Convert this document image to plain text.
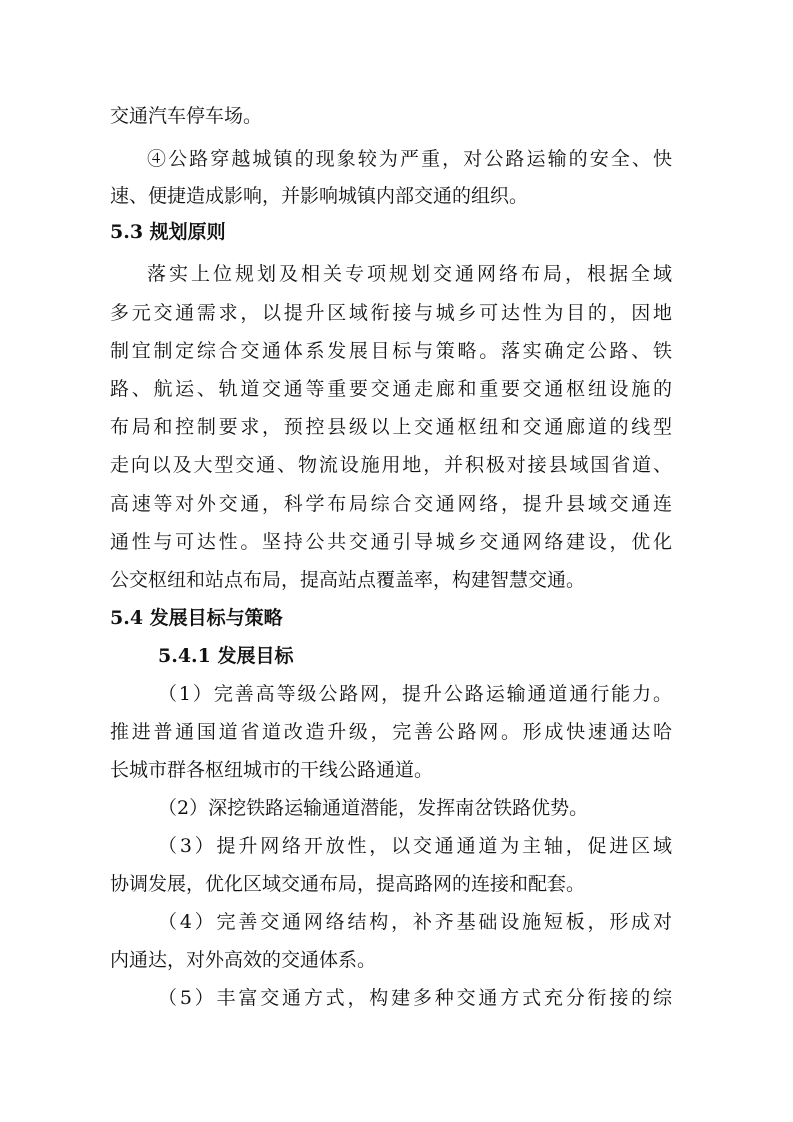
交通汽车停车场。
④公路穿越城镇的现象较为严重，对公路运输的安全、快
速、便捷造成影响，并影响城镇内部交通的组织。
5.3 规划原则
落实上位规划及相关专项规划交通网络布局，根据全域
多元交通需求，以提升区域衔接与城乡可达性为目的，因地
制宜制定综合交通体系发展目标与策略。落实确定公路、铁
路、航运、轨道交通等重要交通走廊和重要交通枢纽设施的
布局和控制要求，预控县级以上交通枢纽和交通廊道的线型
走向以及大型交通、物流设施用地，并积极对接县域国省道、
高速等对外交通，科学布局综合交通网络，提升县域交通连
通性与可达性。坚持公共交通引导城乡交通网络建设，优化
公交枢纽和站点布局，提高站点覆盖率，构建智慧交通。
5.4 发展目标与策略
5.4.1 发展目标
（1）完善高等级公路网，提升公路运输通道通行能力。
推进普通国道省道改造升级，完善公路网。形成快速通达哈
长城市群各枢纽城市的干线公路通道。
（2）深挖铁路运输通道潜能，发挥南岔铁路优势。
（3）提升网络开放性，以交通通道为主轴，促进区域
协调发展，优化区域交通布局，提高路网的连接和配套。
（4）完善交通网络结构，补齐基础设施短板，形成对
内通达，对外高效的交通体系。
（5）丰富交通方式，构建多种交通方式充分衔接的综
